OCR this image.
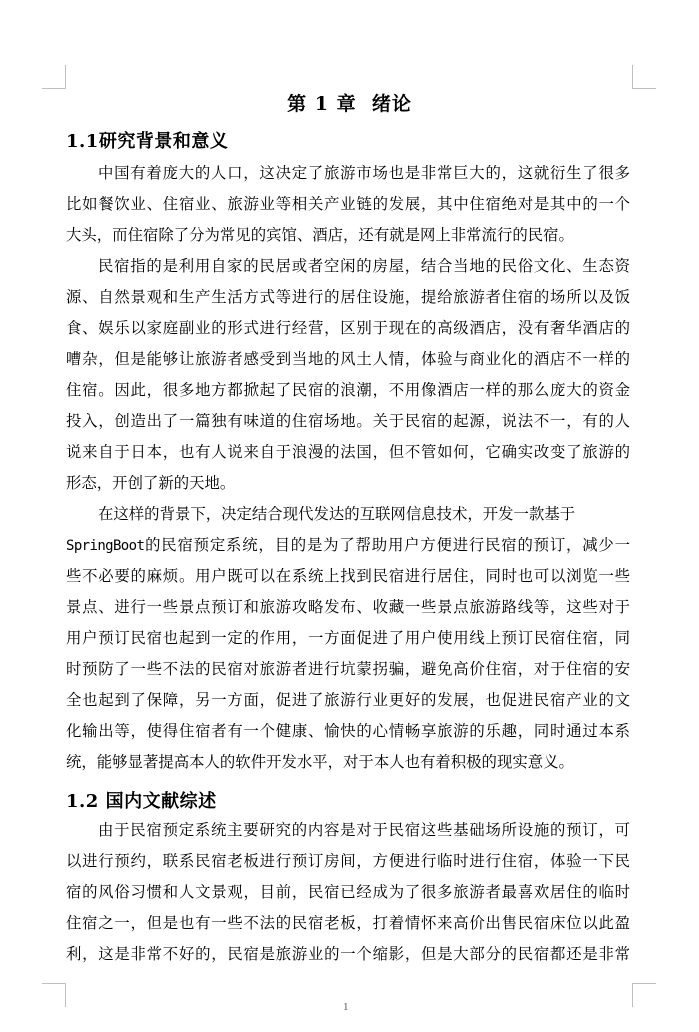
第 1 章  绪论
1.1研究背景和意义
中国有着庞大的人口，这决定了旅游市场也是非常巨大的，这就衍生了很多
比如餐饮业、住宿业、旅游业等相关产业链的发展，其中住宿绝对是其中的一个
大头，而住宿除了分为常见的宾馆、酒店，还有就是网上非常流行的民宿。
民宿指的是利用自家的民居或者空闲的房屋，结合当地的民俗文化、生态资
源、自然景观和生产生活方式等进行的居住设施，提给旅游者住宿的场所以及饭
食、娱乐以家庭副业的形式进行经营，区别于现在的高级酒店，没有奢华酒店的
嘈杂，但是能够让旅游者感受到当地的风土人情，体验与商业化的酒店不一样的
住宿。因此，很多地方都掀起了民宿的浪潮，不用像酒店一样的那么庞大的资金
投入，创造出了一篇独有味道的住宿场地。关于民宿的起源，说法不一，有的人
说来自于日本，也有人说来自于浪漫的法国，但不管如何，它确实改变了旅游的
形态，开创了新的天地。
在这样的背景下，决定结合现代发达的互联网信息技术，开发一款基于
SpringBoot的民宿预定系统，目的是为了帮助用户方便进行民宿的预订，减少一
些不必要的麻烦。用户既可以在系统上找到民宿进行居住，同时也可以浏览一些
景点、进行一些景点预订和旅游攻略发布、收藏一些景点旅游路线等，这些对于
用户预订民宿也起到一定的作用，一方面促进了用户使用线上预订民宿住宿，同
时预防了一些不法的民宿对旅游者进行坑蒙拐骗，避免高价住宿，对于住宿的安
全也起到了保障，另一方面，促进了旅游行业更好的发展，也促进民宿产业的文
化输出等，使得住宿者有一个健康、愉快的心情畅享旅游的乐趣，同时通过本系
统，能够显著提高本人的软件开发水平，对于本人也有着积极的现实意义。
1.2 国内文献综述
由于民宿预定系统主要研究的内容是对于民宿这些基础场所设施的预订，可
以进行预约，联系民宿老板进行预订房间，方便进行临时进行住宿，体验一下民
宿的风俗习惯和人文景观，目前，民宿已经成为了很多旅游者最喜欢居住的临时
住宿之一，但是也有一些不法的民宿老板，打着情怀来高价出售民宿床位以此盈
利，这是非常不好的，民宿是旅游业的一个缩影，但是大部分的民宿都还是非常
1
